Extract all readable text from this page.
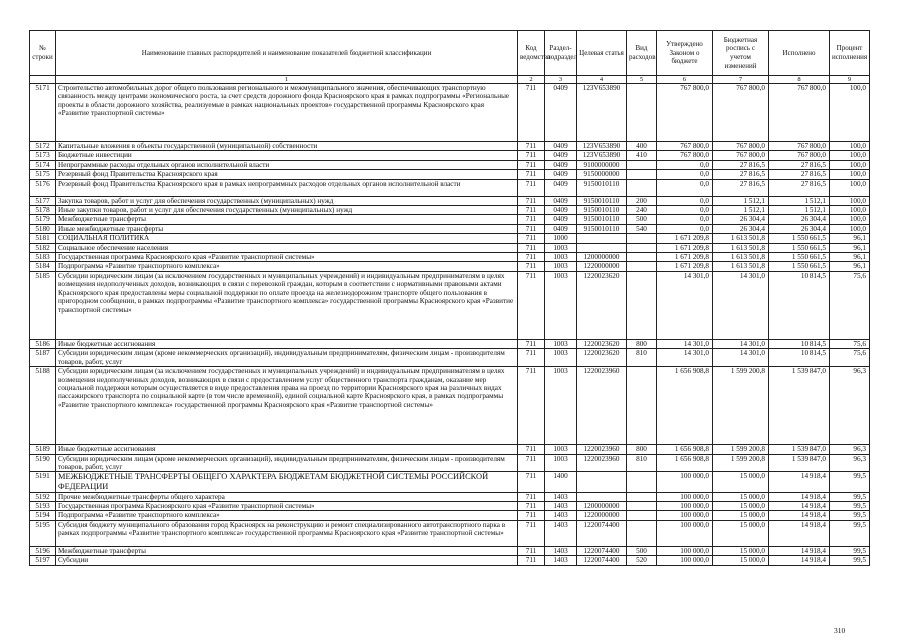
№ строки	Наименование главных распорядителей и наименование показателей бюджетной классификации	Код ведомства	Раздел-подраздел	Целевая статья	Вид расходов	Утверждено Законом о бюджете	Бюджетная роспись с учетом изменений	Исполнено	Процент исполнения
	1	2	3	4	5	6	7	8	9
5171	Строительство автомобильных дорог общего пользования регионального и межмуниципального значения, обеспечивающих транспортную связанность между центрами экономического роста, за счет средств дорожного фонда Красноярского края в рамках подпрограммы «Региональные проекты в области дорожного хозяйства, реализуемые в рамках национальных проектов» государственной программы Красноярского края «Развитие транспортной системы»	711	0409	123V653890		767 800,0	767 800,0	767 800,0	100,0
5172	Капитальные вложения в объекты государственной (муниципальной) собственности	711	0409	123V653890	400	767 800,0	767 800,0	767 800,0	100,0
5173	Бюджетные инвестиции	711	0409	123V653890	410	767 800,0	767 800,0	767 800,0	100,0
5174	Непрограммные расходы отдельных органов исполнительной власти	711	0409	9100000000		0,0	27 816,5	27 816,5	100,0
5175	Резервный фонд Правительства Красноярского края	711	0409	9150000000		0,0	27 816,5	27 816,5	100,0
5176	Резервный фонд Правительства Красноярского края в рамках непрограммных расходов отдельных органов исполнительной власти	711	0409	9150010110		0,0	27 816,5	27 816,5	100,0
5177	Закупка товаров, работ и услуг для обеспечения государственных (муниципальных) нужд	711	0409	9150010110	200	0,0	1 512,1	1 512,1	100,0
5178	Иные закупки товаров, работ и услуг для обеспечения государственных (муниципальных) нужд	711	0409	9150010110	240	0,0	1 512,1	1 512,1	100,0
5179	Межбюджетные трансферты	711	0409	9150010110	500	0,0	26 304,4	26 304,4	100,0
5180	Иные межбюджетные трансферты	711	0409	9150010110	540	0,0	26 304,4	26 304,4	100,0
5181	СОЦИАЛЬНАЯ ПОЛИТИКА	711	1000			1 671 209,8	1 613 501,8	1 550 661,5	96,1
5182	Социальное обеспечение населения	711	1003			1 671 209,8	1 613 501,8	1 550 661,5	96,1
5183	Государственная программа Красноярского края «Развитие транспортной системы»	711	1003	1200000000		1 671 209,8	1 613 501,8	1 550 661,5	96,1
5184	Подпрограмма «Развитие транспортного комплекса»	711	1003	1220000000		1 671 209,8	1 613 501,8	1 550 661,5	96,1
5185	Субсидии юридическим лицам (за исключением государственных и муниципальных учреждений) и индивидуальным предпринимателям в целях возмещения недополученных доходов, возникающих в связи с перевозкой граждан, которым в соответствии с нормативными правовыми актами Красноярского края предоставлены меры социальной поддержки по оплате проезда на железнодорожном транспорте общего пользования в пригородном сообщении, в рамках подпрограммы «Развитие транспортного комплекса» государственной программы Красноярского края «Развитие транспортной системы»	711	1003	1220023620		14 301,0	14 301,0	10 814,5	75,6
5186	Иные бюджетные ассигнования	711	1003	1220023620	800	14 301,0	14 301,0	10 814,5	75,6
5187	Субсидии юридическим лицам (кроме некоммерческих организаций), индивидуальным предпринимателям, физическим лицам - производителям товаров, работ, услуг	711	1003	1220023620	810	14 301,0	14 301,0	10 814,5	75,6
5188	Субсидии юридическим лицам (за исключением государственных и муниципальных учреждений) и индивидуальным предпринимателям в целях возмещения недополученных доходов, возникающих в связи с предоставлением услуг общественного транспорта гражданам, оказание мер социальной поддержки которым осуществляется в виде предоставления права на проезд по территории Красноярского края на различных видах пассажирского транспорта по социальной карте (в том числе временной), единой социальной карте Красноярского края, в рамках подпрограммы «Развитие транспортного комплекса» государственной программы Красноярского края «Развитие транспортной системы»	711	1003	1220023960		1 656 908,8	1 599 200,8	1 539 847,0	96,3
5189	Иные бюджетные ассигнования	711	1003	1220023960	800	1 656 908,8	1 599 200,8	1 539 847,0	96,3
5190	Субсидии юридическим лицам (кроме некоммерческих организаций), индивидуальным предпринимателям, физическим лицам - производителям товаров, работ, услуг	711	1003	1220023960	810	1 656 908,8	1 599 200,8	1 539 847,0	96,3
5191	МЕЖБЮДЖЕТНЫЕ ТРАНСФЕРТЫ ОБЩЕГО ХАРАКТЕРА БЮДЖЕТАМ БЮДЖЕТНОЙ СИСТЕМЫ РОССИЙСКОЙ ФЕДЕРАЦИИ	711	1400			100 000,0	15 000,0	14 918,4	99,5
5192	Прочие межбюджетные трансферты общего характера	711	1403			100 000,0	15 000,0	14 918,4	99,5
5193	Государственная программа Красноярского края «Развитие транспортной системы»	711	1403	1200000000		100 000,0	15 000,0	14 918,4	99,5
5194	Подпрограмма «Развитие транспортного комплекса»	711	1403	1220000000		100 000,0	15 000,0	14 918,4	99,5
5195	Субсидия бюджету муниципального образования город Красноярск на реконструкцию и ремонт специализированного автотранспортного парка в рамках подпрограммы «Развитие транспортного комплекса» государственной программы Красноярского края «Развитие транспортной системы»	711	1403	1220074400		100 000,0	15 000,0	14 918,4	99,5
5196	Межбюджетные трансферты	711	1403	1220074400	500	100 000,0	15 000,0	14 918,4	99,5
5197	Субсидии	711	1403	1220074400	520	100 000,0	15 000,0	14 918,4	99,5
310
